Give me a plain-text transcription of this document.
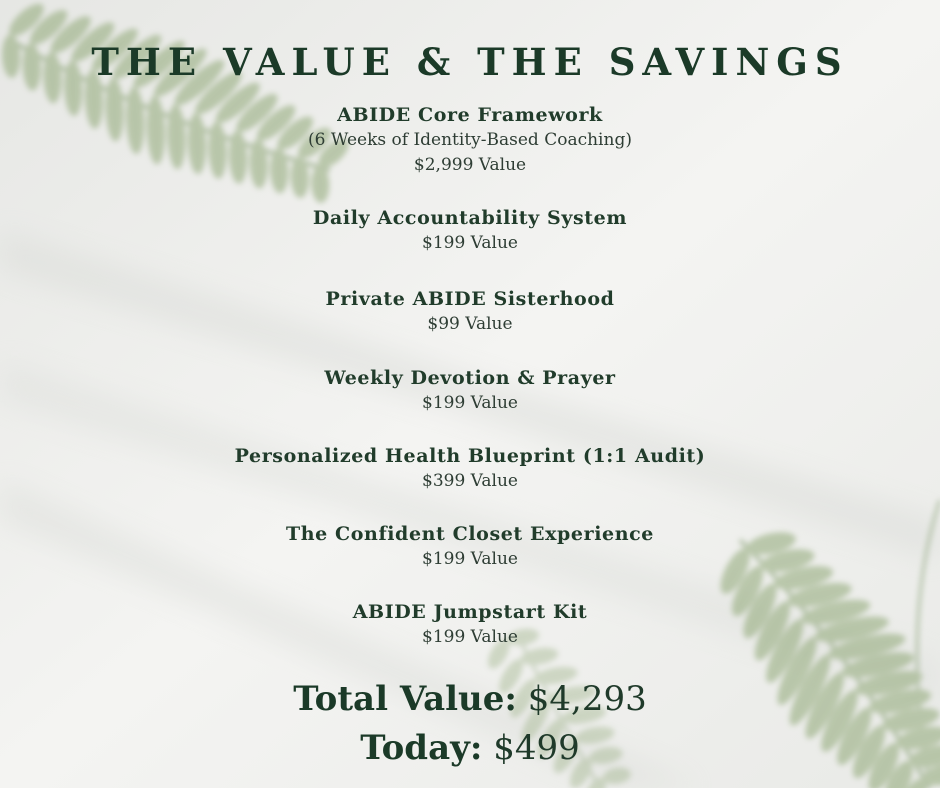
THE VALUE & THE SAVINGS
ABIDE Core Framework
(6 Weeks of Identity-Based Coaching)
$2,999 Value
Daily Accountability System
$199 Value
Private ABIDE Sisterhood
$99 Value
Weekly Devotion & Prayer
$199 Value
Personalized Health Blueprint (1:1 Audit)
$399 Value
The Confident Closet Experience
$199 Value
ABIDE Jumpstart Kit
$199 Value
Total Value: $4,293
Today: $499
